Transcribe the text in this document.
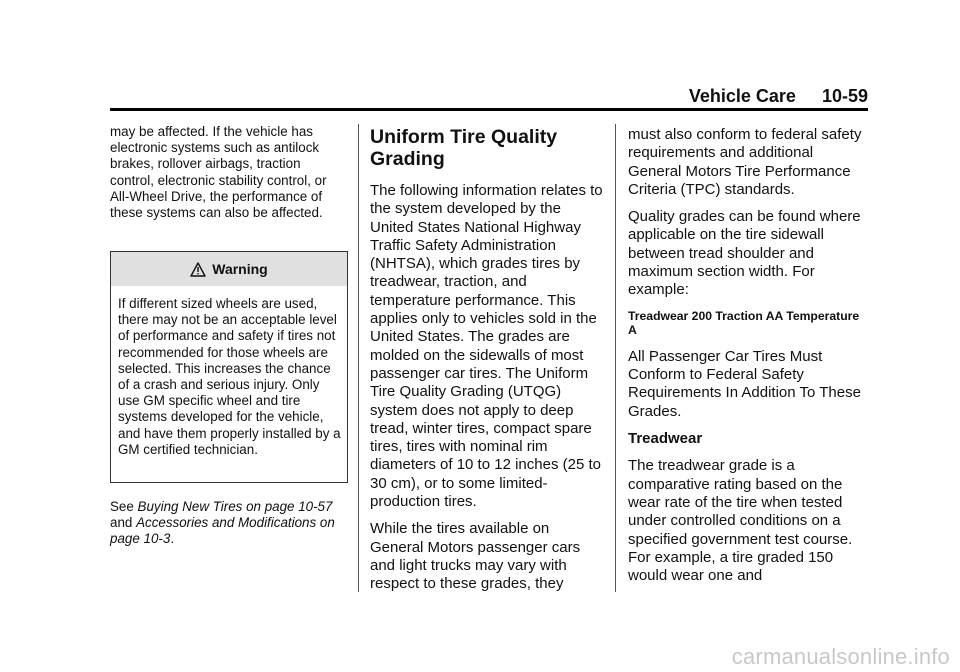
Vehicle Care 10-59

may be affected. If the vehicle has electronic systems such as antilock brakes, rollover airbags, traction control, electronic stability control, or All-Wheel Drive, the performance of these systems can also be affected.

Warning
If different sized wheels are used, there may not be an acceptable level of performance and safety if tires not recommended for those wheels are selected. This increases the chance of a crash and serious injury. Only use GM specific wheel and tire systems developed for the vehicle, and have them properly installed by a GM certified technician.
See Buying New Tires on page 10-57 and Accessories and Modifications on page 10-3.
Uniform Tire Quality Grading

The following information relates to the system developed by the United States National Highway Traffic Safety Administration (NHTSA), which grades tires by treadwear, traction, and temperature performance. This applies only to vehicles sold in the United States. The grades are molded on the sidewalls of most passenger car tires. The Uniform Tire Quality Grading (UTQG) system does not apply to deep tread, winter tires, compact spare tires, tires with nominal rim diameters of 10 to 12 inches (25 to 30 cm), or to some limited-production tires.

While the tires available on General Motors passenger cars and light trucks may vary with respect to these grades, they

must also conform to federal safety requirements and additional General Motors Tire Performance Criteria (TPC) standards.

Quality grades can be found where applicable on the tire sidewall between tread shoulder and maximum section width. For example:

Treadwear 200 Traction AA Temperature A

All Passenger Car Tires Must Conform to Federal Safety Requirements In Addition To These Grades.

Treadwear

The treadwear grade is a comparative rating based on the wear rate of the tire when tested under controlled conditions on a specified government test course. For example, a tire graded 150 would wear one and

carmanualsonline.info
